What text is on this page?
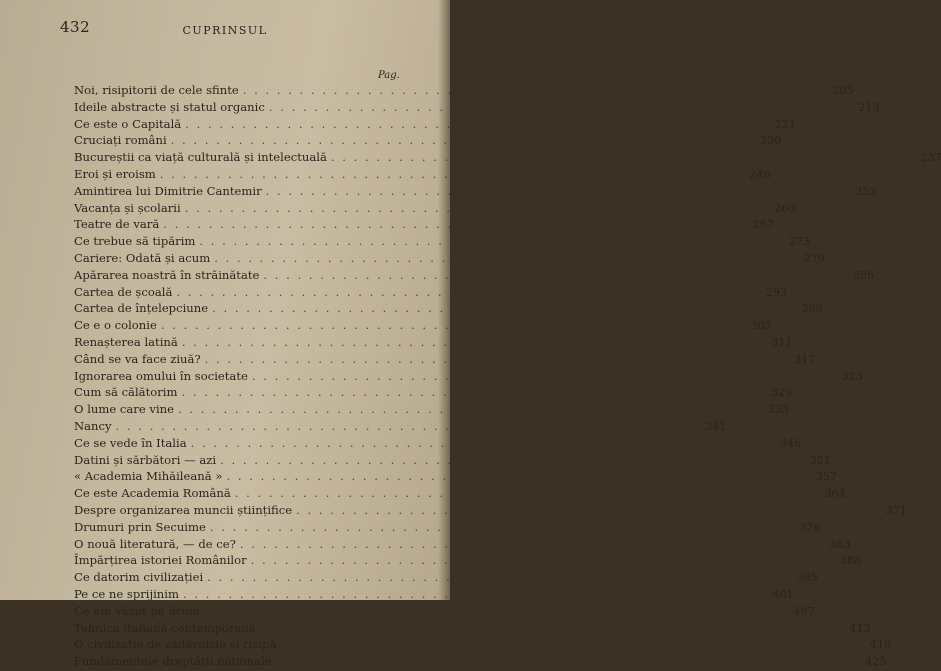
432	CUPRINSUL
Pag.
Noi, risipitorii de cele sfinte . . .	205
Ideile abstracte și statul organic . . .	213
Ce este o Capitală . . .	221
Cruciați români . . .	230
Bucureștii ca viață culturală și intelectuală . . .	237
Eroi și eroism . . .	246
Amintirea lui Dimitrie Cantemir . . .	252
Vacanța și școlarii . . .	260
Teatre de vară . . .	267
Ce trebue să tipărim . . .	273
Cariere: Odată și acum . . .	279
Apărarea noastră în străinătate . . .	286
Cartea de școală . . .	293
Cartea de înțelepciune . . .	299
Ce e o colonie . . .	305
Renașterea latină . . .	311
Când se va face ziuă? . . .	317
Ignorarea omului în societate . . .	323
Cum să călătorim . . .	329
O lume care vine . . .	335
Nancy . . .	341
Ce se vede în Italia . . .	346
Datini și sărbători — azi . . .	351
« Academia Mihăileană » . . .	357
Ce este Academia Română . . .	364
Despre organizarea muncii științifice . . .	371
Drumuri prin Secuime . . .	376
O nouă literatură, — de ce? . . .	383
Împărțirea istoriei Românilor . . .	388
Ce datorim civilizației . . .	395
Pe ce ne sprijinim . . .	401
Ce am văzut pe drum . . .	407
Tehnica italiană contemporană . . .	413
O civilizație de zădărnicie și risipă . . .	419
Fundamentele dreptății naționale . . .	425
